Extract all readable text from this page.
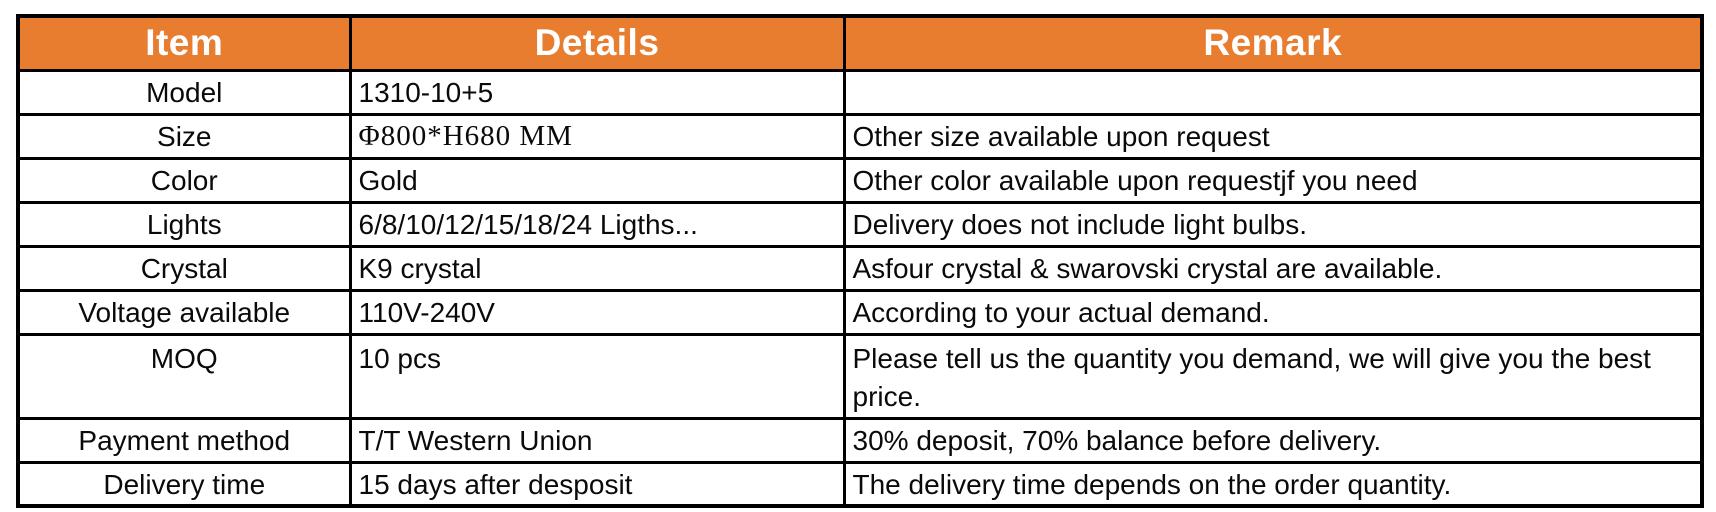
Item	Details	Remark
Model	1310-10+5	
Size	Φ800*H680 MM	Other size available upon request
Color	Gold	Other color available upon requestjf you need
Lights	6/8/10/12/15/18/24 Ligths...	Delivery does not include light bulbs.
Crystal	K9 crystal	Asfour crystal & swarovski crystal are available.
Voltage available	110V-240V	According to your actual demand.
MOQ	10 pcs	Please tell us the quantity you demand, we will give you the best price.
Payment method	T/T Western Union	30% deposit, 70% balance before delivery.
Delivery time	15 days after desposit	The delivery time depends on the order quantity.
